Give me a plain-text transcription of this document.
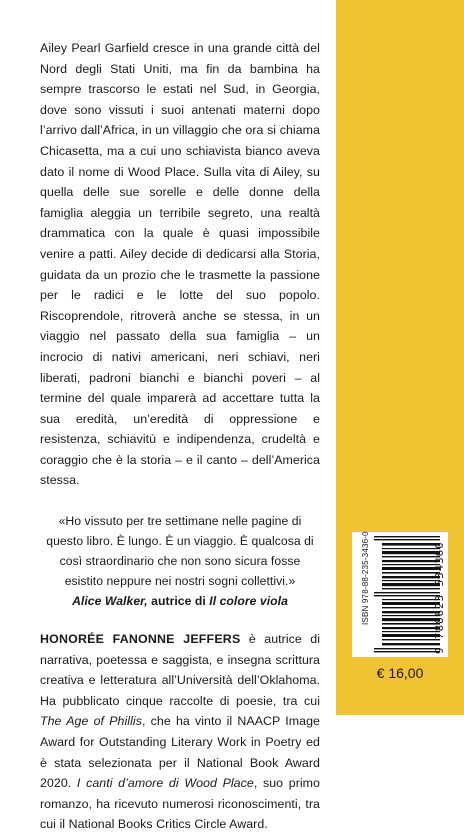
Ailey Pearl Garfield cresce in una grande città del Nord degli Stati Uniti, ma fin da bambina ha sempre trascorso le estati nel Sud, in Georgia, dove sono vissuti i suoi antenati materni dopo l’arrivo dall’Africa, in un villaggio che ora si chiama Chicasetta, ma a cui uno schiavista bianco aveva dato il nome di Wood Place. Sulla vita di Ailey, su quella delle sue sorelle e delle donne della famiglia aleggia un terribile segreto, una realtà drammatica con la quale è quasi impossibile venire a patti. Ailey decide di dedicarsi alla Storia, guidata da un prozio che le trasmette la passione per le radici e le lotte del suo popolo. Riscoprendole, ritroverà anche se stessa, in un viaggio nel passato della sua famiglia – un incrocio di nativi americani, neri schiavi, neri liberati, padroni bianchi e bianchi poveri – al termine del quale imparerà ad accettare tutta la sua eredità, un’eredità di oppressione e resistenza, schiavitù e indipendenza, crudeltà e coraggio che è la storia – e il canto – dell’America stessa.

«Ho vissuto per tre settimane nelle pagine di questo libro. È lungo. È un viaggio. È qualcosa di così straordinario che non sono sicura fosse esistito neppure nei nostri sogni collettivi.»

Alice Walker, autrice di Il colore viola

HONORÉE FANONNE JEFFERS è autrice di narrativa, poetessa e saggista, e insegna scrittura creativa e letteratura all’Università dell’Oklahoma. Ha pubblicato cinque raccolte di poesie, tra cui The Age of Phillis, che ha vinto il NAACP Image Award for Outstanding Literary Work in Poetry ed è stata selezionata per il National Book Award 2020. I canti d’amore di Wood Place, suo primo romanzo, ha ricevuto numerosi riconoscimenti, tra cui il National Books Critics Circle Award.

ISBN 978-88-235-3436-0	9 788823 534360
€ 16,00
